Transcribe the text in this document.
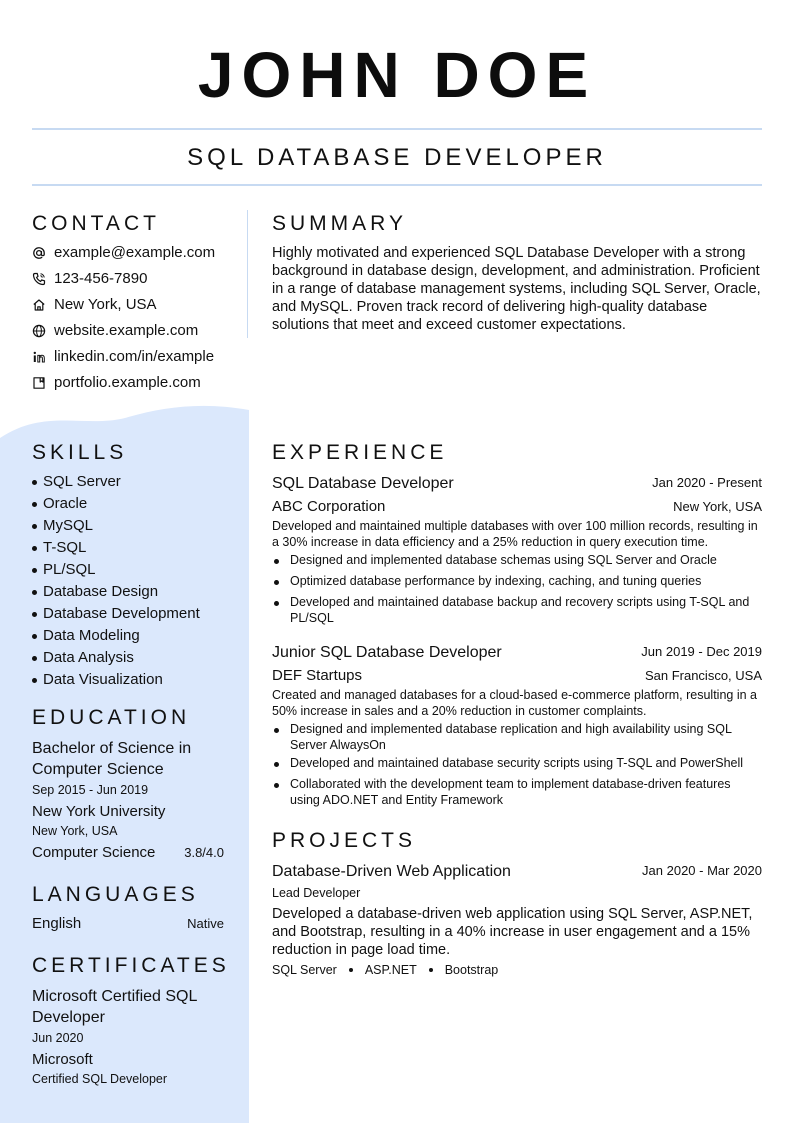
JOHN DOE
SQL DATABASE DEVELOPER
CONTACT
example@example.com
123-456-7890
New York, USA
website.example.com
linkedin.com/in/example
portfolio.example.com
SUMMARY
Highly motivated and experienced SQL Database Developer with a strong background in database design, development, and administration. Proficient in a range of database management systems, including SQL Server, Oracle, and MySQL. Proven track record of delivering high-quality database solutions that meet and exceed customer expectations.
SKILLS
SQL Server
Oracle
MySQL
T-SQL
PL/SQL
Database Design
Database Development
Data Modeling
Data Analysis
Data Visualization
EDUCATION
Bachelor of Science in Computer Science
Sep 2015 - Jun 2019
New York University
New York, USA
Computer Science	3.8/4.0
LANGUAGES
English	Native
CERTIFICATES
Microsoft Certified SQL Developer
Jun 2020
Microsoft
Certified SQL Developer
EXPERIENCE
SQL Database Developer	Jan 2020 - Present
ABC Corporation	New York, USA
Developed and maintained multiple databases with over 100 million records, resulting in a 30% increase in data efficiency and a 25% reduction in query execution time.
Designed and implemented database schemas using SQL Server and Oracle
Optimized database performance by indexing, caching, and tuning queries
Developed and maintained database backup and recovery scripts using T-SQL and PL/SQL
Junior SQL Database Developer	Jun 2019 - Dec 2019
DEF Startups	San Francisco, USA
Created and managed databases for a cloud-based e-commerce platform, resulting in a 50% increase in sales and a 20% reduction in customer complaints.
Designed and implemented database replication and high availability using SQL Server AlwaysOn
Developed and maintained database security scripts using T-SQL and PowerShell
Collaborated with the development team to implement database-driven features using ADO.NET and Entity Framework
PROJECTS
Database-Driven Web Application	Jan 2020 - Mar 2020
Lead Developer
Developed a database-driven web application using SQL Server, ASP.NET, and Bootstrap, resulting in a 40% increase in user engagement and a 15% reduction in page load time.
SQL Server ASP.NET Bootstrap
